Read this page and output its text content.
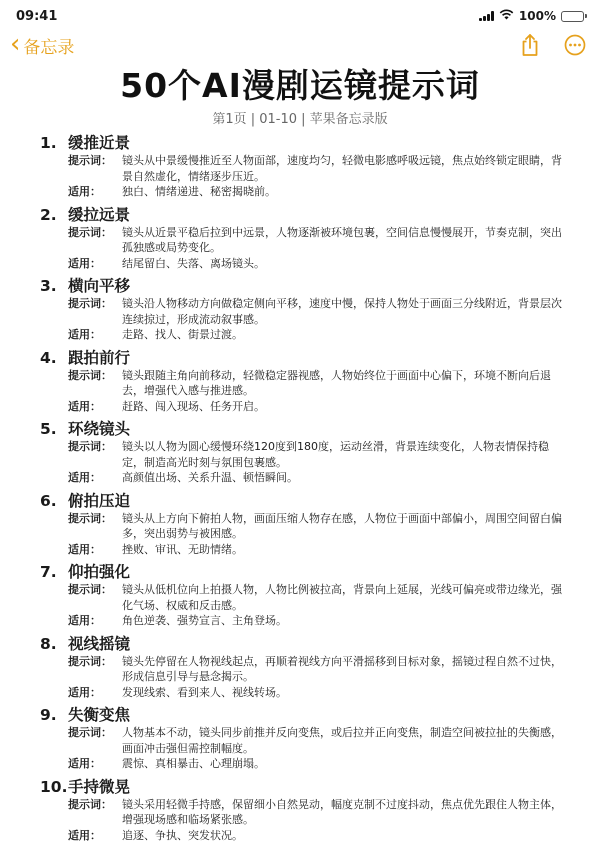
09:41	100%
‹ 备忘录
50个AI漫剧运镜提示词
第1页 | 01-10 | 苹果备忘录版
1. 缓推近景
提示词： 镜头从中景缓慢推近至人物面部，速度均匀，轻微电影感呼吸远镜，焦点始终锁定眼睛，背景自然虚化，情绪逐步压近。
适用：	独白、情绪递进、秘密揭晓前。
2. 缓拉远景
提示词： 镜头从近景平稳后拉到中远景，人物逐渐被环境包裹，空间信息慢慢展开，节奏克制，突出孤独感或局势变化。
适用：	结尾留白、失落、离场镜头。
3. 横向平移
提示词： 镜头沿人物移动方向做稳定侧向平移，速度中慢，保持人物处于画面三分线附近，背景层次连续掠过，形成流动叙事感。
适用：	走路、找人、街景过渡。
4. 跟拍前行
提示词： 镜头跟随主角向前移动，轻微稳定器视感，人物始终位于画面中心偏下，环境不断向后退去，增强代入感与推进感。
适用：	赶路、闯入现场、任务开启。
5. 环绕镜头
提示词： 镜头以人物为圆心缓慢环绕120度到180度，运动丝滑，背景连续变化，人物表情保持稳定，制造高光时刻与氛围包裹感。
适用：	高颜值出场、关系升温、顿悟瞬间。
6. 俯拍压迫
提示词： 镜头从上方向下俯拍人物，画面压缩人物存在感，人物位于画面中部偏小，周围空间留白偏多，突出弱势与被困感。
适用：	挫败、审讯、无助情绪。
7. 仰拍强化
提示词： 镜头从低机位向上拍摄人物，人物比例被拉高，背景向上延展，光线可偏亮或带边缘光，强化气场、权威和反击感。
适用：	角色逆袭、强势宣言、主角登场。
8. 视线摇镜
提示词： 镜头先停留在人物视线起点，再顺着视线方向平滑摇移到目标对象，摇镜过程自然不过快，形成信息引导与悬念揭示。
适用：	发现线索、看到来人、视线转场。
9. 失衡变焦
提示词： 人物基本不动，镜头同步前推并反向变焦，或后拉并正向变焦，制造空间被拉扯的失衡感，画面冲击强但需控制幅度。
适用：	震惊、真相暴击、心理崩塌。
10. 手持微晃
提示词： 镜头采用轻微手持感，保留细小自然晃动，幅度克制不过度抖动，焦点优先跟住人物主体，增强现场感和临场紧张感。
适用：	追逐、争执、突发状况。
